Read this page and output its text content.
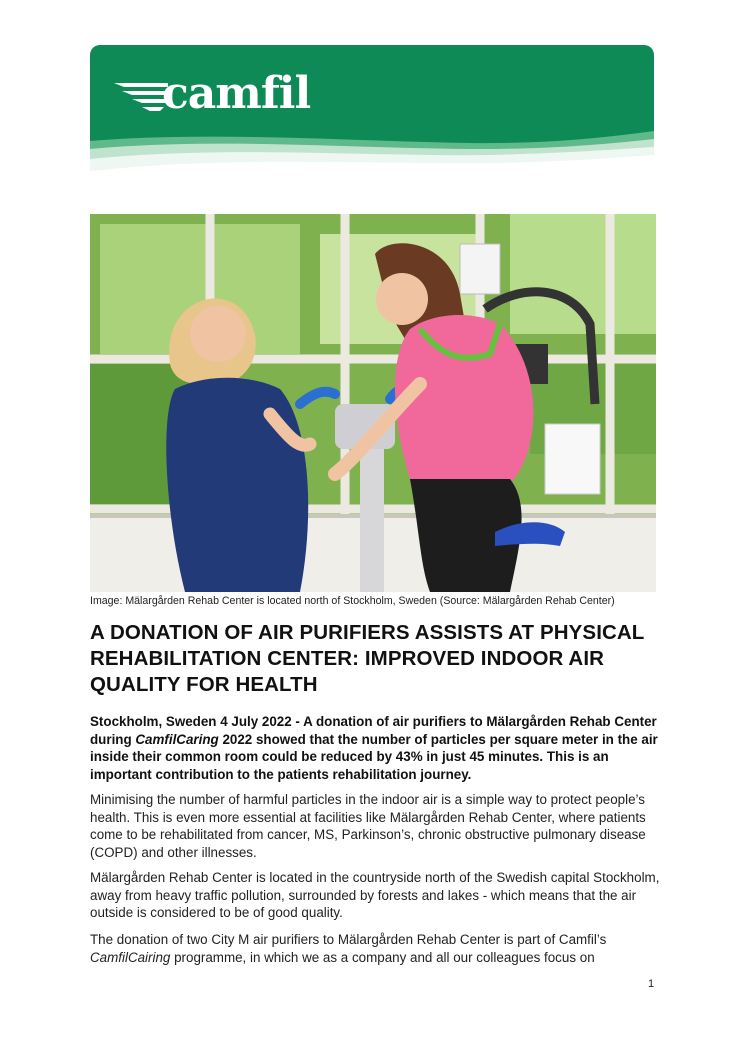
camfil
Image: Mälargården Rehab Center is located north of Stockholm, Sweden (Source: Mälargården Rehab Center)
A DONATION OF AIR PURIFIERS ASSISTS AT PHYSICAL REHABILITATION CENTER: IMPROVED INDOOR AIR QUALITY FOR HEALTH

Stockholm, Sweden 4 July 2022 - A donation of air purifiers to Mälargården Rehab Center during CamfilCaring 2022 showed that the number of particles per square meter in the air inside their common room could be reduced by 43% in just 45 minutes. This is an important contribution to the patients rehabilitation journey.

Minimising the number of harmful particles in the indoor air is a simple way to protect people’s health. This is even more essential at facilities like Mälargården Rehab Center, where patients come to be rehabilitated from cancer, MS, Parkinson’s, chronic obstructive pulmonary disease (COPD) and other illnesses.

Mälargården Rehab Center is located in the countryside north of the Swedish capital Stockholm, away from heavy traffic pollution, surrounded by forests and lakes - which means that the air outside is considered to be of good quality.

The donation of two City M air purifiers to Mälargården Rehab Center is part of Camfil’s CamfilCairing programme, in which we as a company and all our colleagues focus on

1
